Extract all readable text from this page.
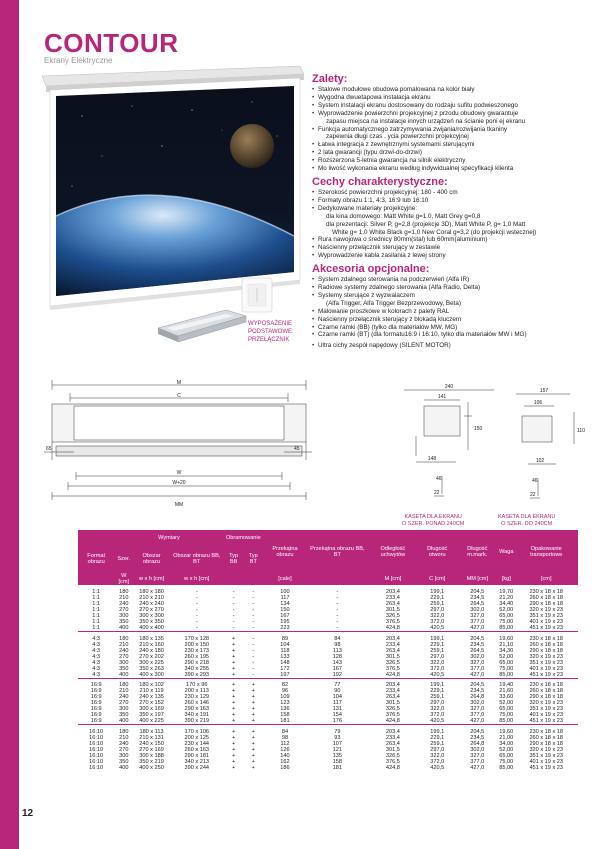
12
CONTOUR
Ekrany Elektryczne
WYPOSAŻENIE
PODSTAWOWE:
PRZEŁĄCZNIK
Zalety:
• Stalowe modułowe obudowa pomalowana na kolor biały
• Wygodna dwuetapowa instalacja ekranu
• System instalacji ekranu dostosowany do rodzaju sufitu podwieszonego
• Wyprowadzenie powierzchni projekcyjnej z przodu obudowy gwarantuje
zapasu miejsca na instalacje innych urządzeń na ścianie poni ej ekranu
• Funkcja automatycznego zatrzymywania zwijania/rozwijania tkaniny
zapewnia długi czas . ycia powierzchni projekcyjnej
• Łatwa integracja z zewnętrznymi systemami sterującymi
• 2 lata gwarancji (typu drzwi-do-drzwi)
• Rozszerzona 5-letnia gwarancja na silnik elektryczny
• Mo liwość wykonania ekranu według indywidualnej specyfikacji klienta
Cechy charakterystyczne:
• Szerokość powierzchni projekcyjnej: 180 - 400 cm
• Formaty obrazu 1:1, 4:3, 16:9 lub 16:10
• Dedykowane materiały projekcyjne:
dla kina domowego: Matt White g=1.0, Matt Grey g=0,8
dla prezentacji: Silver P, g=2,8 (projekcje 3D), Matt White P, g= 1,0 Matt
White g= 1,0 White Black g=1,0 New Coral g=3,2 (do projekcji wstecznej)
• Rura nawojowa o średnicy 80mm(stal) lub 60mm(aluminium)
• Naścienny przełącznik sterujący w zestawie
• Wyprowadzenie kabla zasilania z lewej strony
Akcesoria opcjonalne:
• System zdalnego sterowania na podczerwień (Alfa IR)
• Radiowe systemy zdalnego sterowania (Alfa Radio, Delta)
• Systemy sterujące z wyzwalaczem
(Alfa Trigger, Alfa Trigger Bezprzewodowy, Beta)
• Malowanie proszkowe w kolorach z palety RAL
• Naścienny przełącznik sterujący z blokadą kluczem
• Czarne ramki (BB) (tylko dla materiałów MW, MG)
• Czarne ramki (BT) (dla formatu16:9 i 16:10, tylko dla materiałów MW i MG)
• Ultra cichy zespół napędowy (SILENT MOTOR)
M
C
W
W+20
MM
65	45
240
141
150
148
22
46
157
106
110
102
22
46
KASETA DLA EKRANU
O SZER. PONAD 240CM
KASETA DLA EKRANU
O SZER. DO 240CM
	Wymiary			Obramowanie		Przekątna obrazu	Przekątna obrazu BB, BT	Odległość uchwytów	Długość otworu	Długość m.mark.	Waga	Opakowanie transportowe
Format obrazu	Szer.	Obszar obrazu	Obszar obrazu BB, BT	Typ BB	Typ BT							
	W [cm]	w x h [cm]	w x h [cm]			[cale]		M [cm]	C [cm]	MM [cm]	[kg]	[cm]
1:1	180	180 x 180	-	-	-	100	-	203,4	199,1	204,5	19,70	230 x 18 x 18
1:1	210	210 x 210	-	-	-	117	-	233,4	229,1	234,5	21,20	260 x 18 x 18
1:1	240	240 x 240	-	-	-	134	-	263,4	259,1	264,5	34,40	290 x 18 x 18
1:1	270	270 x 270	-	-	-	150	-	301,5	297,0	302,0	52,00	320 x 19 x 23
1:1	300	300 x 300	-	-	-	167	-	326,5	322,0	327,0	65,00	351 x 19 x 23
1:1	350	350 x 350	-	-	-	195	-	376,5	372,0	377,0	75,00	401 x 19 x 23
1:1	400	400 x 400	-	-	-	223	-	424,8	420,5	427,0	85,00	451 x 19 x 23

4:3	180	180 x 135	170 x 128	+	-	89	84	203,4	199,1	204,5	19,60	230 x 18 x 18
4:3	210	210 x 160	200 x 150	+	-	104	98	233,4	229,1	234,5	21,10	260 x 18 x 18
4:3	240	240 x 180	230 x 173	+	-	118	113	263,4	259,1	264,5	34,30	290 x 18 x 18
4:3	270	270 x 202	260 x 195	+	-	133	128	301,5	297,0	302,0	52,00	320 x 19 x 23
4:3	300	300 x 225	290 x 218	+	-	148	143	326,5	322,0	327,0	65,00	351 x 19 x 23
4:3	350	350 x 263	340 x 255	+	-	172	167	376,5	372,0	377,0	75,00	401 x 19 x 23
4:3	400	400 x 300	390 x 293	+	-	197	192	424,8	420,5	427,0	85,00	451 x 19 x 23

16:9	180	180 x 102	170 x 96	+	+	82	77	203,4	199,1	204,5	19,40	230 x 18 x 18
16:9	210	210 x 119	200 x 113	+	+	96	90	233,4	229,1	234,5	21,60	260 x 18 x 18
16:9	240	240 x 135	230 x 129	+	+	109	104	263,4	259,1	264,8	33,60	290 x 18 x 18
16:9	270	270 x 152	260 x 146	+	+	123	117	301,5	297,0	302,0	52,00	320 x 19 x 23
16:9	300	300 x 169	290 x 163	+	+	136	131	326,5	322,0	327,0	65,00	351 x 19 x 23
16:9	350	350 x 197	340 x 191	+	+	158	154	376,5	372,0	377,0	75,00	401 x 19 x 23
16:9	400	400 x 225	390 x 219	+	+	181	176	424,8	420,5	427,0	85,00	451 x 19 x 23

16:10	180	180 x 113	170 x 106	+	+	84	79	203,4	199,1	204,5	19,60	230 x 18 x 18
16:10	210	210 x 131	200 x 125	+	+	98	93	233,4	229,1	234,5	21,00	260 x 18 x 18
16:10	240	240 x 150	230 x 144	+	+	112	107	263,4	259,1	264,8	34,00	290 x 18 x 18
16:10	270	270 x 169	260 x 163	+	+	126	121	301,5	297,0	302,0	52,00	320 x 19 x 23
16:10	300	300 x 188	290 x 181	+	+	140	135	326,5	322,0	327,0	65,00	351 x 19 x 23
16:10	350	350 x 219	340 x 213	+	+	162	158	376,5	372,0	377,0	75,00	401 x 19 x 23
16:10	400	400 x 250	390 x 244	+	+	186	181	424,8	420,5	427,0	85,00	451 x 19 x 23
